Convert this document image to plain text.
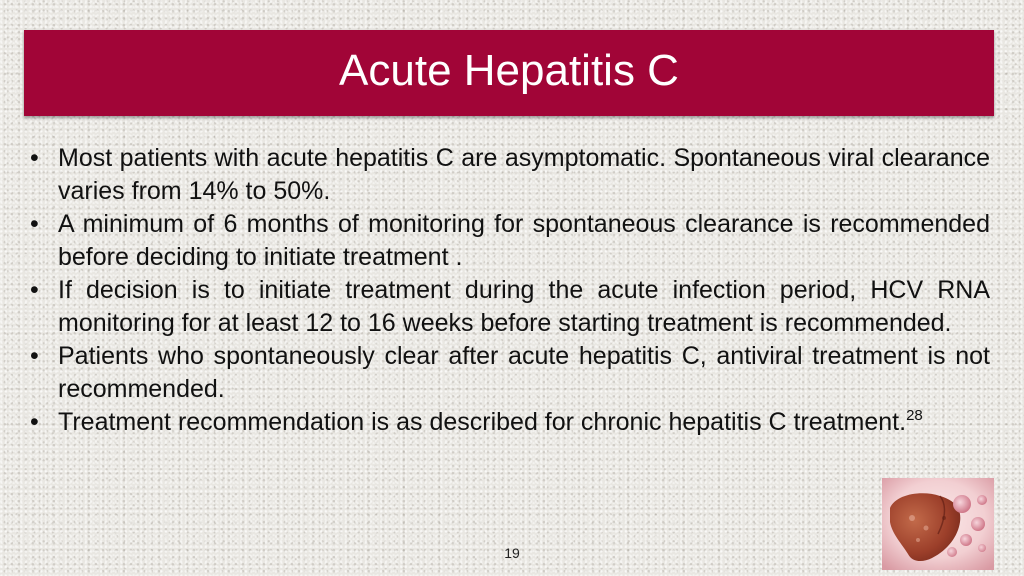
Acute Hepatitis C
• Most patients with acute hepatitis C are asymptomatic. Spontaneous viral clearance varies from 14% to 50%.
• A minimum of 6 months of monitoring for spontaneous clearance is recommended before deciding to initiate treatment .
• If decision is to initiate treatment during the acute infection period, HCV RNA monitoring for at least 12 to 16 weeks before starting treatment is recommended.
• Patients who spontaneously clear after acute hepatitis C, antiviral treatment is not recommended.
• Treatment recommendation is as described for chronic hepatitis C treatment.$^{28}$
19
